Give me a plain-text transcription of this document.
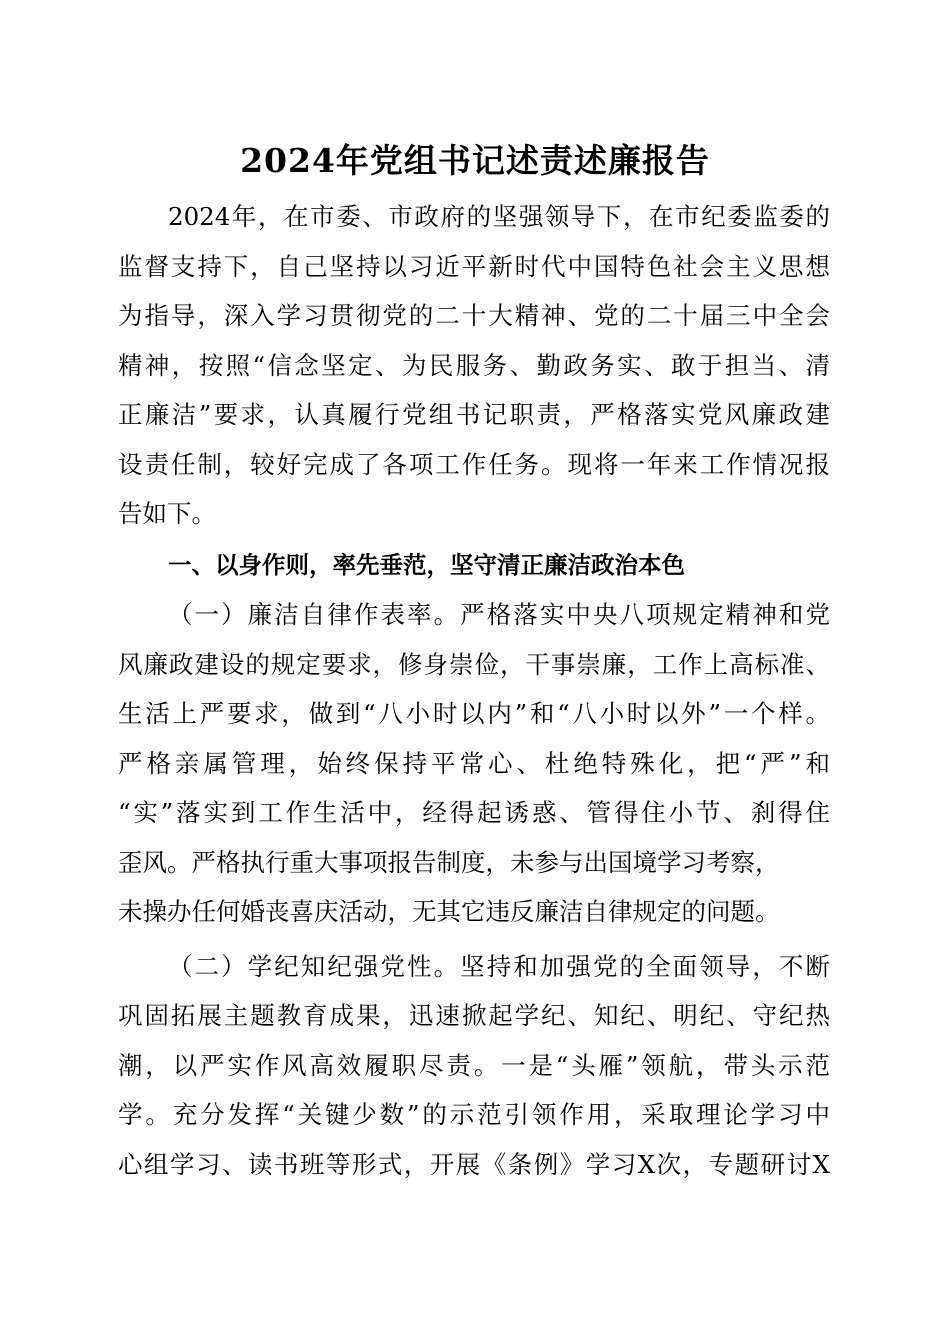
2024年党组书记述责述廉报告
2024年，在市委、市政府的坚强领导下，在市纪委监委的
监督支持下，自己坚持以习近平新时代中国特色社会主义思想
为指导，深入学习贯彻党的二十大精神、党的二十届三中全会
精神，按照“信念坚定、为民服务、勤政务实、敢于担当、清
正廉洁”要求，认真履行党组书记职责，严格落实党风廉政建
设责任制，较好完成了各项工作任务。现将一年来工作情况报
告如下。
一、以身作则，率先垂范，坚守清正廉洁政治本色
（一）廉洁自律作表率。严格落实中央八项规定精神和党
风廉政建设的规定要求，修身崇俭，干事崇廉，工作上高标准、
生活上严要求，做到“八小时以内”和“八小时以外”一个样。
严格亲属管理，始终保持平常心、杜绝特殊化，把“严”和
“实”落实到工作生活中，经得起诱惑、管得住小节、刹得住
歪风。严格执行重大事项报告制度，未参与出国境学习考察，
未操办任何婚丧喜庆活动，无其它违反廉洁自律规定的问题。
（二）学纪知纪强党性。坚持和加强党的全面领导，不断
巩固拓展主题教育成果，迅速掀起学纪、知纪、明纪、守纪热
潮，以严实作风高效履职尽责。一是“头雁”领航，带头示范
学。充分发挥“关键少数”的示范引领作用，采取理论学习中
心组学习、读书班等形式，开展《条例》学习X次，专题研讨X
